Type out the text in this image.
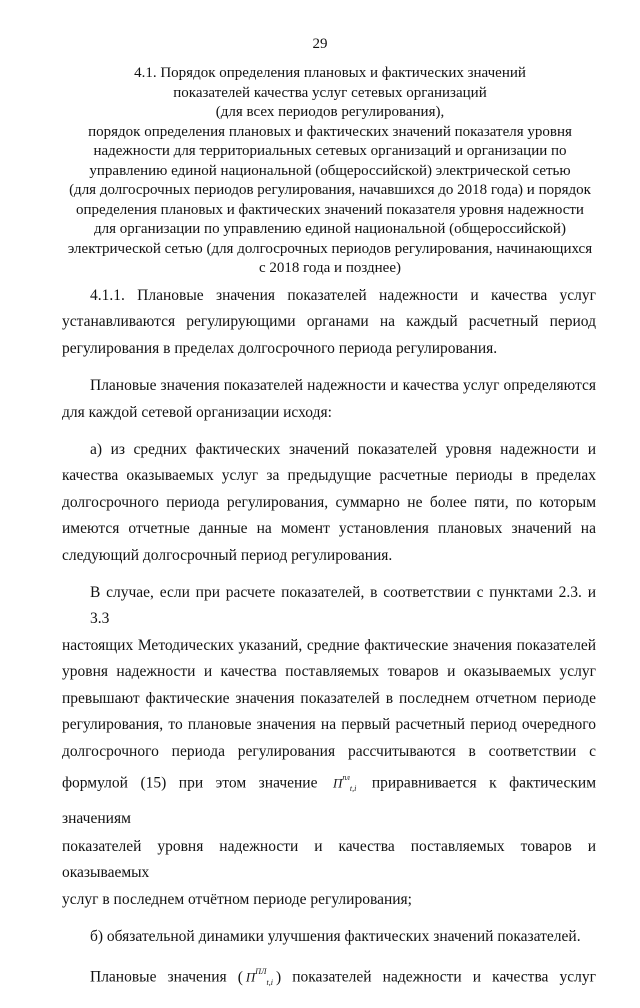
29
4.1. Порядок определения плановых и фактических значений
показателей качества услуг сетевых организаций
(для всех периодов регулирования),
порядок определения плановых и фактических значений показателя уровня
надежности для территориальных сетевых организаций и организации по
управлению единой национальной (общероссийской) электрической сетью
(для долгосрочных периодов регулирования, начавшихся до 2018 года) и порядок
определения плановых и фактических значений показателя уровня надежности
для организации по управлению единой национальной (общероссийской)
электрической сетью (для долгосрочных периодов регулирования, начинающихся
с 2018 года и позднее)
4.1.1. Плановые значения показателей надежности и качества услуг
устанавливаются регулирующими органами на каждый расчетный период
регулирования в пределах долгосрочного периода регулирования.
Плановые значения показателей надежности и качества услуг определяются
для каждой сетевой организации исходя:
а) из средних фактических значений показателей уровня надежности и
качества оказываемых услуг за предыдущие расчетные периоды в пределах
долгосрочного периода регулирования, суммарно не более пяти, по которым
имеются отчетные данные на момент установления плановых значений на
следующий долгосрочный период регулирования.
В случае, если при расчете показателей, в соответствии с пунктами 2.3. и 3.3
настоящих Методических указаний, средние фактические значения показателей
уровня надежности и качества поставляемых товаров и оказываемых услуг
превышают фактические значения показателей в последнем отчетном периоде
регулирования, то плановые значения на первый расчетный период очередного
долгосрочного периода регулирования рассчитываются в соответствии с
формулой (15) при этом значение $П^{пл}_{t,i}$ приравнивается к фактическим значениям
показателей уровня надежности и качества поставляемых товаров и оказываемых
услуг в последнем отчётном периоде регулирования;
б) обязательной динамики улучшения фактических значений показателей.
Плановые значения ( $П^{ПЛ}_{t,i}$ ) показателей надежности и качества услуг
